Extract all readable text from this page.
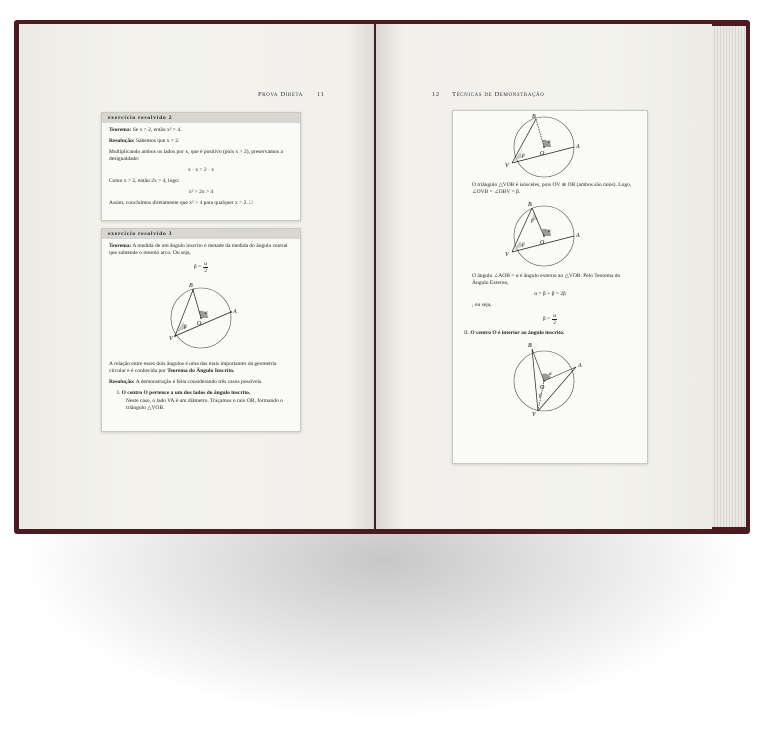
Prova Direta 11
exercício resolvido 2

Teorema: Se x > 2, então x² > 4.

Resolução: Sabemos que x > 2.

Multiplicando ambos os lados por x, que é positivo (pois x > 2), preservamos a desigualdade:

x · x > 2 · x

Como x > 2, então 2x > 4, logo:

x² > 2x > 4

Assim, concluímos diretamente que x² > 4 para qualquer x > 2. □

exercício resolvido 3

Teorema: A medida de um ângulo inscrito é metade da medida do ângulo central que subtende o mesmo arco. Ou seja,

$\beta = \frac{\alpha}{2}$
V
O
A
B
α
β

A relação entre esses dois ângulos é uma das mais importantes da geometria circular e é conhecida por Teorema do Ângulo Inscrito.

Resolução: A demonstração é feita considerando três casos possíveis.

I. O centro O pertence a um dos lados do ângulo inscrito.

Neste caso, o lado VA é um diâmetro. Traçamos o raio OB, formando o triângulo △VOB.

12 Técnicas de Demonstração
V
O
A
B
α
β

O triângulo △VOB é isósceles, pois OV ≅ OB (ambos são raios). Logo, ∠OVB = ∠OBV = β.

V
O
A
B
α
β
β

O ângulo ∠AOB = α é ângulo externo ao △VOB. Pelo Teorema do Ângulo Externo,

α = β + β = 2β

, ou seja,

$\beta = \frac{\alpha}{2}$

II. O centro O é interior ao ângulo inscrito.

V
O
A
B
α
β
